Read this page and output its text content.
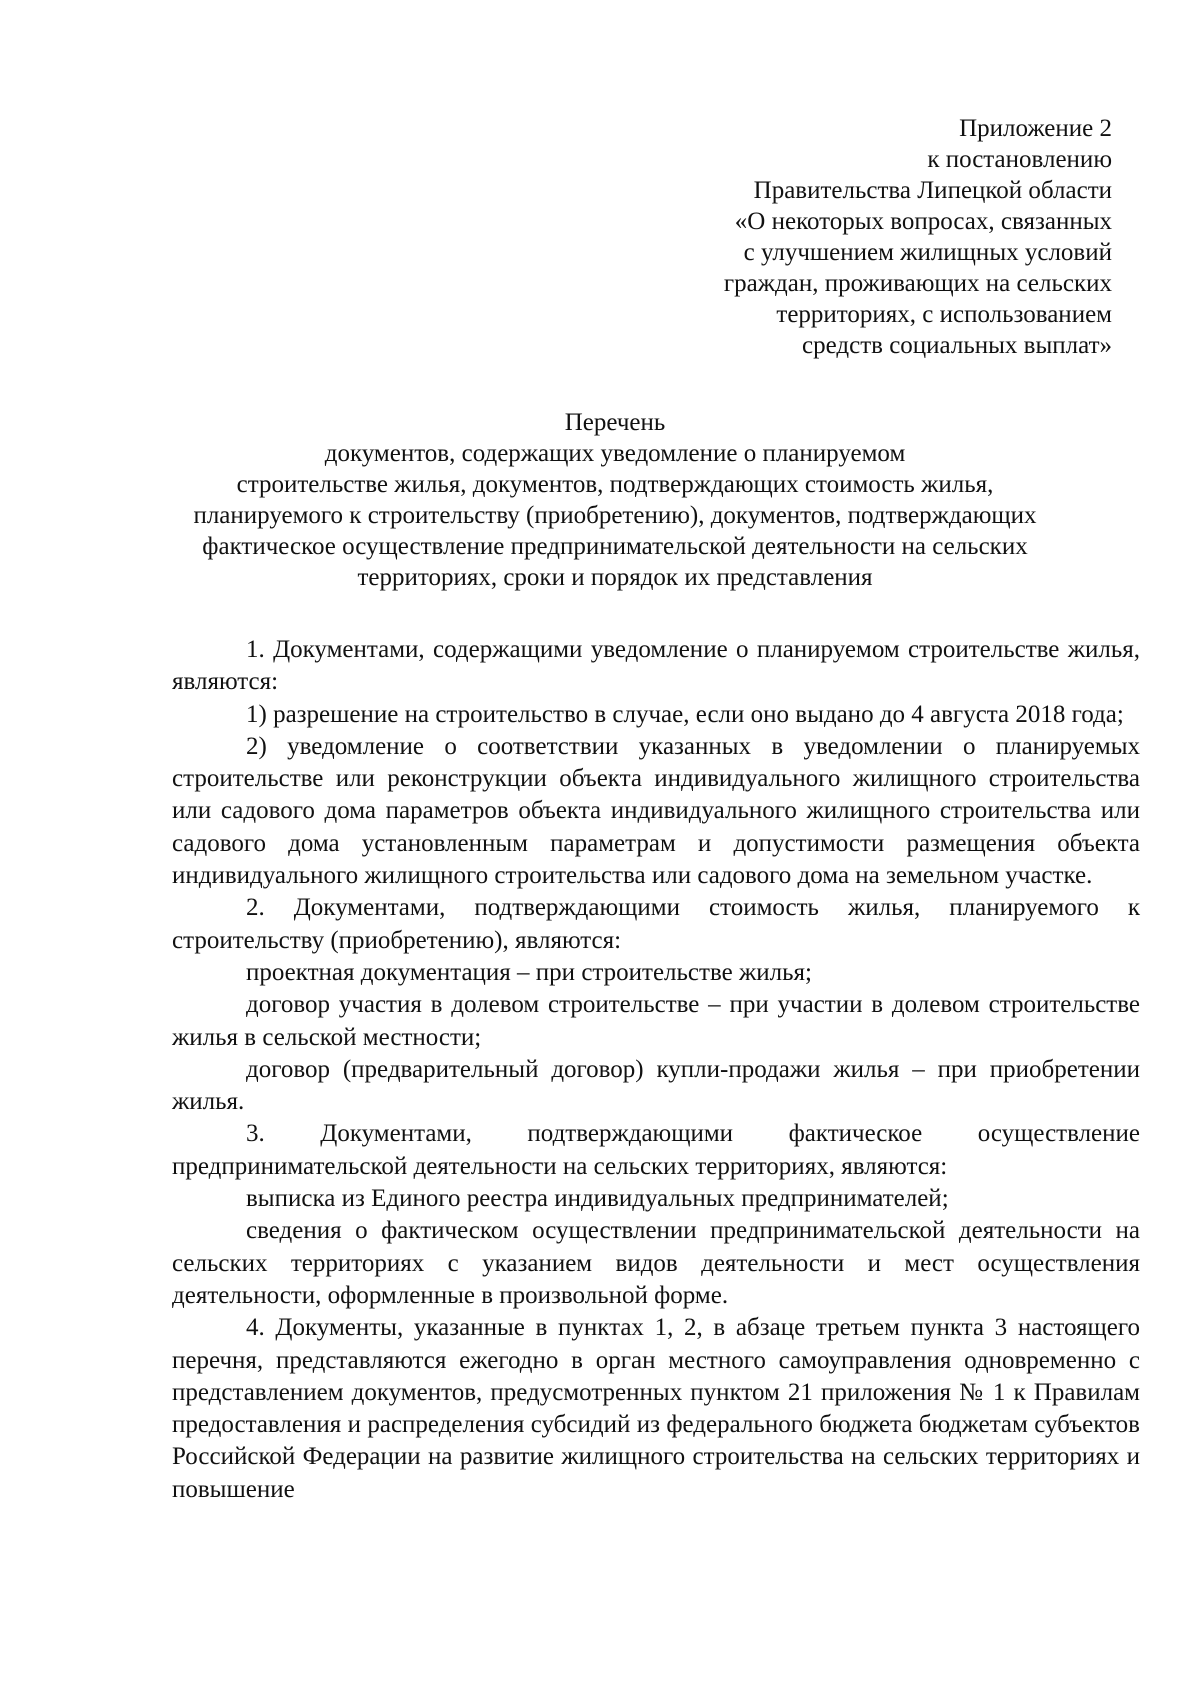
Приложение 2
к постановлению
Правительства Липецкой области
«О некоторых вопросах, связанных
с улучшением жилищных условий
граждан, проживающих на сельских
территориях, с использованием
средств социальных выплат»
Перечень
документов, содержащих уведомление о планируемом
строительстве жилья, документов, подтверждающих стоимость жилья,
планируемого к строительству (приобретению), документов, подтверждающих
фактическое осуществление предпринимательской деятельности на сельских
территориях, сроки и порядок их представления

1. Документами, содержащими уведомление о планируемом строительстве жилья, являются:

1) разрешение на строительство в случае, если оно выдано до 4 августа 2018 года;

2) уведомление о соответствии указанных в уведомлении о планируемых строительстве или реконструкции объекта индивидуального жилищного строительства или садового дома параметров объекта индивидуального жилищного строительства или садового дома установленным параметрам и допустимости размещения объекта индивидуального жилищного строительства или садового дома на земельном участке.

2. Документами, подтверждающими стоимость жилья, планируемого к строительству (приобретению), являются:

проектная документация – при строительстве жилья;

договор участия в долевом строительстве – при участии в долевом строительстве жилья в сельской местности;

договор (предварительный договор) купли-продажи жилья – при приобретении жилья.

3. Документами, подтверждающими фактическое осуществление предпринимательской деятельности на сельских территориях, являются:

выписка из Единого реестра индивидуальных предпринимателей;

сведения о фактическом осуществлении предпринимательской деятельности на сельских территориях с указанием видов деятельности и мест осуществления деятельности, оформленные в произвольной форме.

4. Документы, указанные в пунктах 1, 2, в абзаце третьем пункта 3 настоящего перечня, представляются ежегодно в орган местного самоуправления одновременно с представлением документов, предусмотренных пунктом 21 приложения № 1 к Правилам предоставления и распределения субсидий из федерального бюджета бюджетам субъектов Российской Федерации на развитие жилищного строительства на сельских территориях и повышение
